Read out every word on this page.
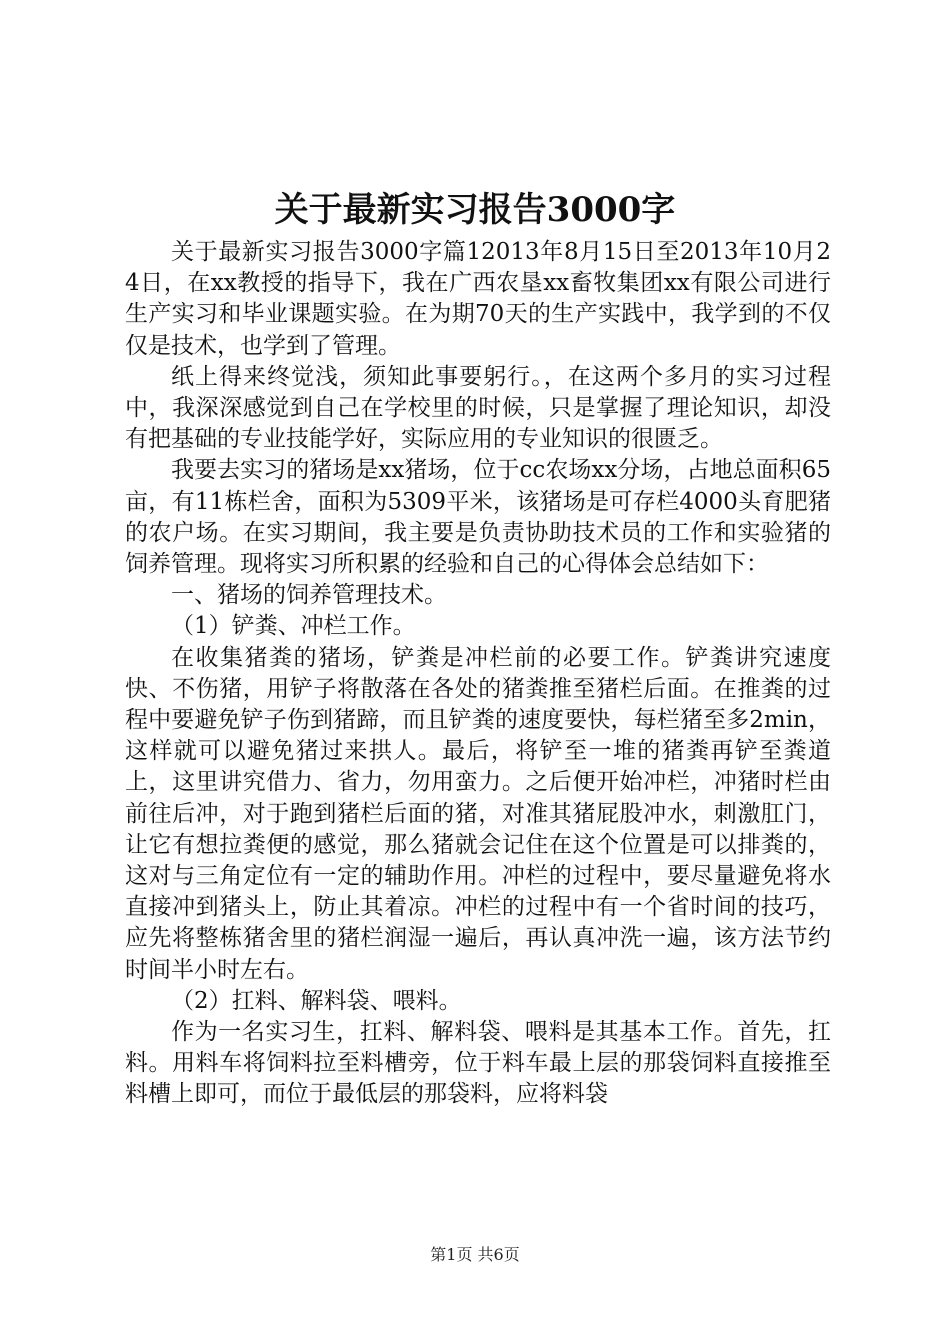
关于最新实习报告3000字

关于最新实习报告3000字篇12013年8月15日至2013年10月24日，在xx教授的指导下，我在广西农垦xx畜牧集团xx有限公司进行生产实习和毕业课题实验。在为期70天的生产实践中，我学到的不仅仅是技术，也学到了管理。

纸上得来终觉浅，须知此事要躬行。，在这两个多月的实习过程中，我深深感觉到自己在学校里的时候，只是掌握了理论知识，却没有把基础的专业技能学好，实际应用的专业知识的很匮乏。

我要去实习的猪场是xx猪场，位于cc农场xx分场，占地总面积65亩，有11栋栏舍，面积为5309平米，该猪场是可存栏4000头育肥猪的农户场。在实习期间，我主要是负责协助技术员的工作和实验猪的饲养管理。现将实习所积累的经验和自己的心得体会总结如下：

一、猪场的饲养管理技术。

（1）铲粪、冲栏工作。

在收集猪粪的猪场，铲粪是冲栏前的必要工作。铲粪讲究速度快、不伤猪，用铲子将散落在各处的猪粪推至猪栏后面。在推粪的过程中要避免铲子伤到猪蹄，而且铲粪的速度要快，每栏猪至多2min，这样就可以避免猪过来拱人。最后，将铲至一堆的猪粪再铲至粪道上，这里讲究借力、省力，勿用蛮力。之后便开始冲栏，冲猪时栏由前往后冲，对于跑到猪栏后面的猪，对准其猪屁股冲水，刺激肛门，让它有想拉粪便的感觉，那么猪就会记住在这个位置是可以排粪的，这对与三角定位有一定的辅助作用。冲栏的过程中，要尽量避免将水直接冲到猪头上，防止其着凉。冲栏的过程中有一个省时间的技巧，应先将整栋猪舍里的猪栏润湿一遍后，再认真冲洗一遍，该方法节约时间半小时左右。

（2）扛料、解料袋、喂料。

作为一名实习生，扛料、解料袋、喂料是其基本工作。首先，扛料。用料车将饲料拉至料槽旁，位于料车最上层的那袋饲料直接推至料槽上即可，而位于最低层的那袋料，应将料袋

第1页 共6页
